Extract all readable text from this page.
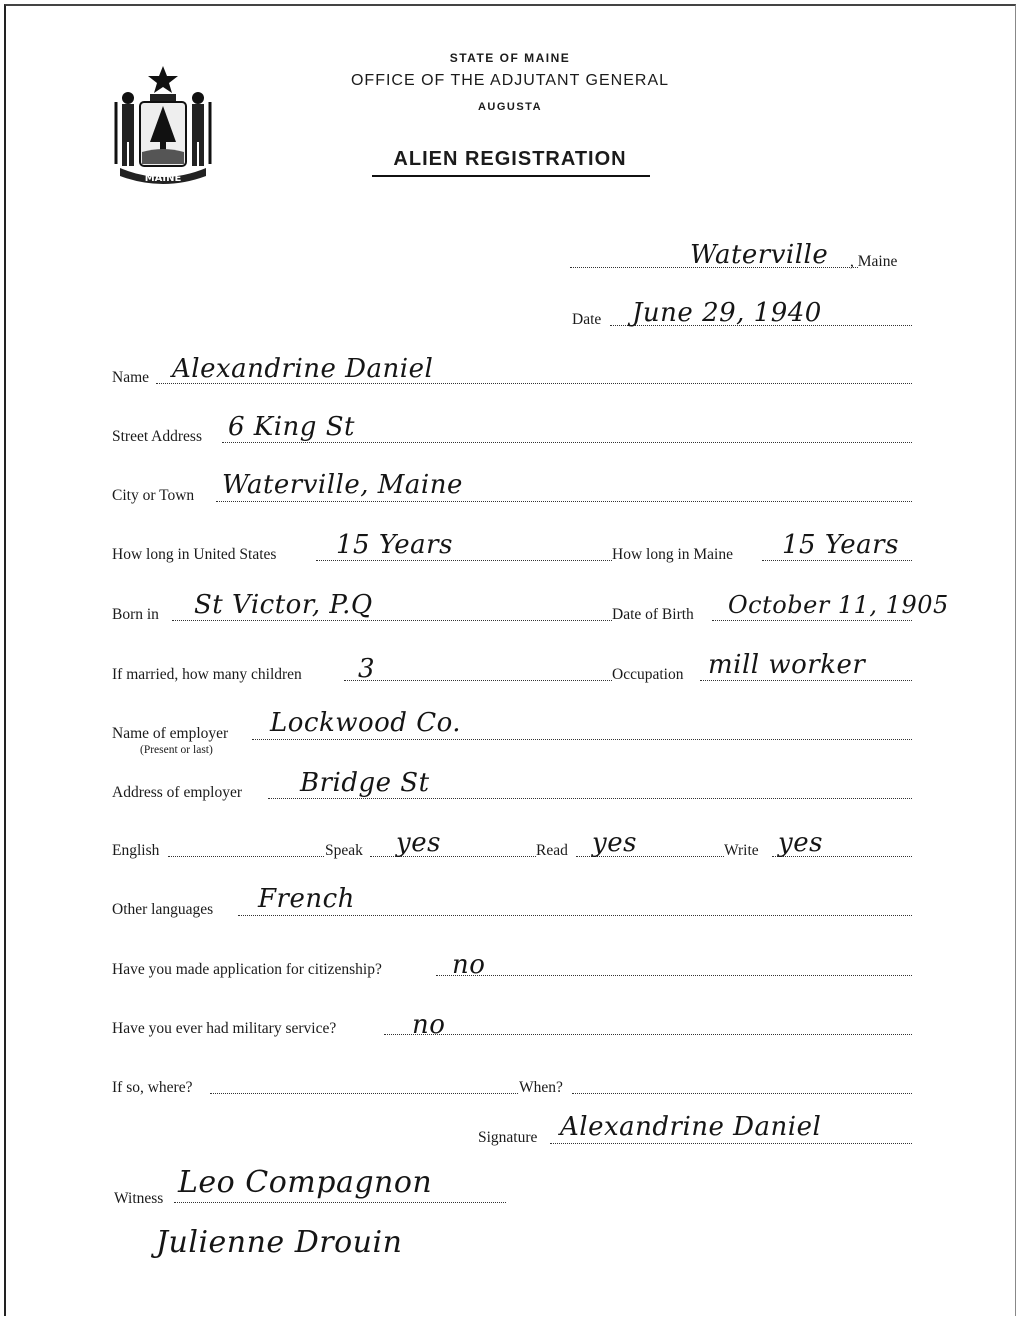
MAINE
STATE OF MAINE
OFFICE OF THE ADJUTANT GENERAL
AUGUSTA
ALIEN REGISTRATION
Waterville , Maine
Date June 29, 1940
Name Alexandrine Daniel
Street Address 6 King St
City or Town Waterville, Maine
How long in United States 15 Years	How long in Maine 15 Years
Born in St Victor, P.Q	Date of Birth October 11, 1905
If married, how many children 3	Occupation mill worker
Name of employer
(Present or last)
Lockwood Co.
Address of employer Bridge St
English	Speak yes	Read yes	Write yes
Other languages French
Have you made application for citizenship?	no
Have you ever had military service?	no
If so, where?	When?
Signature Alexandrine Daniel
Witness Leo Compagnon
Julienne Drouin
